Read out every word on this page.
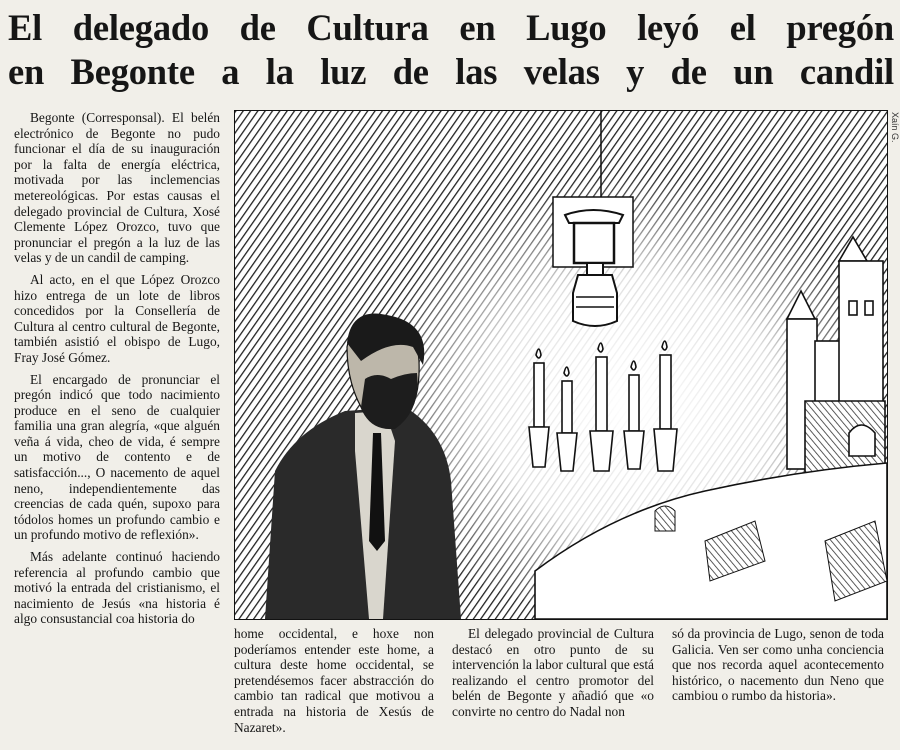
El delegado de Cultura en Lugo leyó el pregón
en Begonte a la luz de las velas y de un candil

Begonte (Corresponsal). El belén electrónico de Begonte no pudo funcionar el día de su inauguración por la falta de energía eléctrica, motivada por las inclemencias metereológicas. Por estas causas el delegado provincial de Cultura, Xosé Clemente López Orozco, tuvo que pronunciar el pregón a la luz de las velas y de un candil de camping.

Al acto, en el que López Orozco hizo entrega de un lote de libros concedidos por la Consellería de Cultura al centro cultural de Begonte, también asistió el obispo de Lugo, Fray José Gómez.

El encargado de pronunciar el pregón indicó que todo nacimiento produce en el seno de cualquier familia una gran alegría, «que alguén veña á vida, cheo de vida, é sempre un motivo de contento e de satisfacción..., O nacemento de aquel neno, independientemente das creencias de cada quén, supoxo para tódolos homes un profundo cambio e un profundo motivo de reflexión».

Más adelante continuó haciendo referencia al profundo cambio que motivó la entrada del cristianismo, el nacimiento de Jesús «na historia é algo consustancial coa historia do

Xaín G.

home occidental, e hoxe non poderíamos entender este home, a cultura deste home occidental, se pretendésemos facer abstracción do cambio tan radical que motivou a entrada na historia de Xesús de Nazaret».

El delegado provincial de Cultura destacó en otro punto de su intervención la labor cultural que está realizando el centro promotor del belén de Begonte y añadió que «o convirte no centro do Nadal non

só da provincia de Lugo, senon de toda Galicia. Ven ser como unha conciencia que nos recorda aquel acontecemento histórico, o nacemento dun Neno que cambiou o rumbo da historia».
